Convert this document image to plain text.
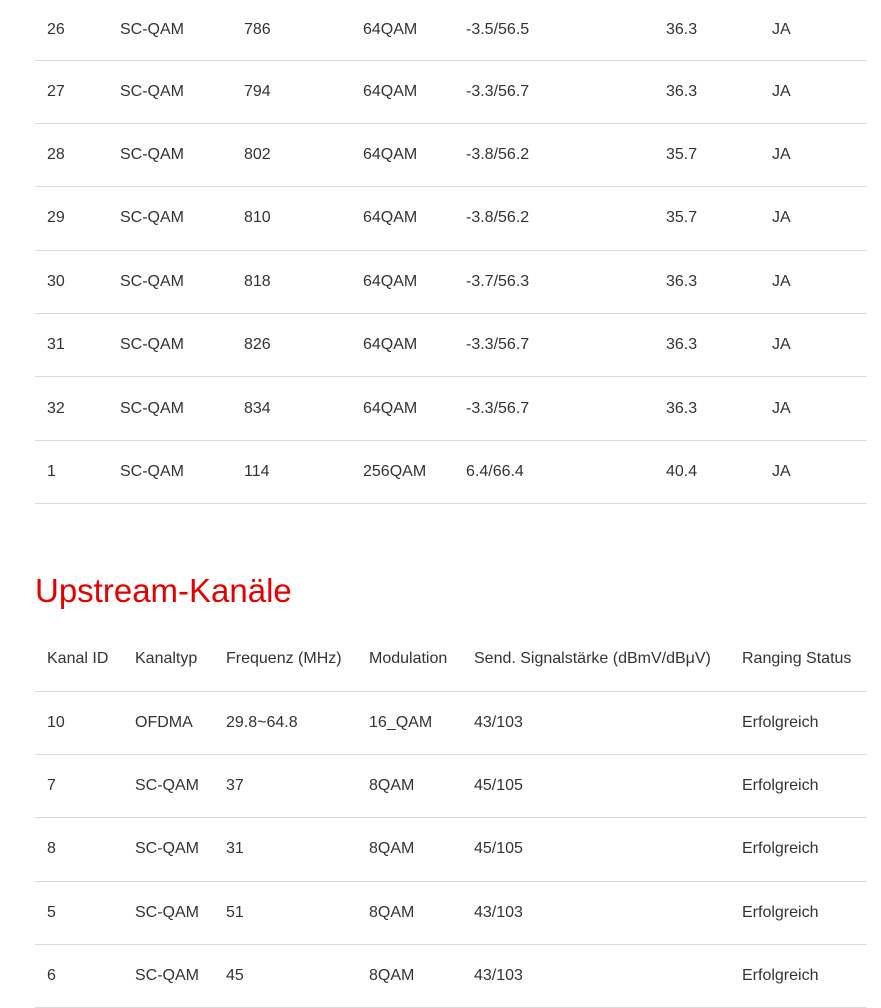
26	SC-QAM	786	64QAM	-3.5/56.5	36.3	JA
27	SC-QAM	794	64QAM	-3.3/56.7	36.3	JA
28	SC-QAM	802	64QAM	-3.8/56.2	35.7	JA
29	SC-QAM	810	64QAM	-3.8/56.2	35.7	JA
30	SC-QAM	818	64QAM	-3.7/56.3	36.3	JA
31	SC-QAM	826	64QAM	-3.3/56.7	36.3	JA
32	SC-QAM	834	64QAM	-3.3/56.7	36.3	JA
1	SC-QAM	114	256QAM	6.4/66.4	40.4	JA
Upstream-Kanäle
Kanal ID	Kanaltyp	Frequenz (MHz)	Modulation	Send. Signalstärke (dBmV/dBμV)	Ranging Status
10	OFDMA	29.8~64.8	16_QAM	43/103	Erfolgreich
7	SC-QAM	37	8QAM	45/105	Erfolgreich
8	SC-QAM	31	8QAM	45/105	Erfolgreich
5	SC-QAM	51	8QAM	43/103	Erfolgreich
6	SC-QAM	45	8QAM	43/103	Erfolgreich
